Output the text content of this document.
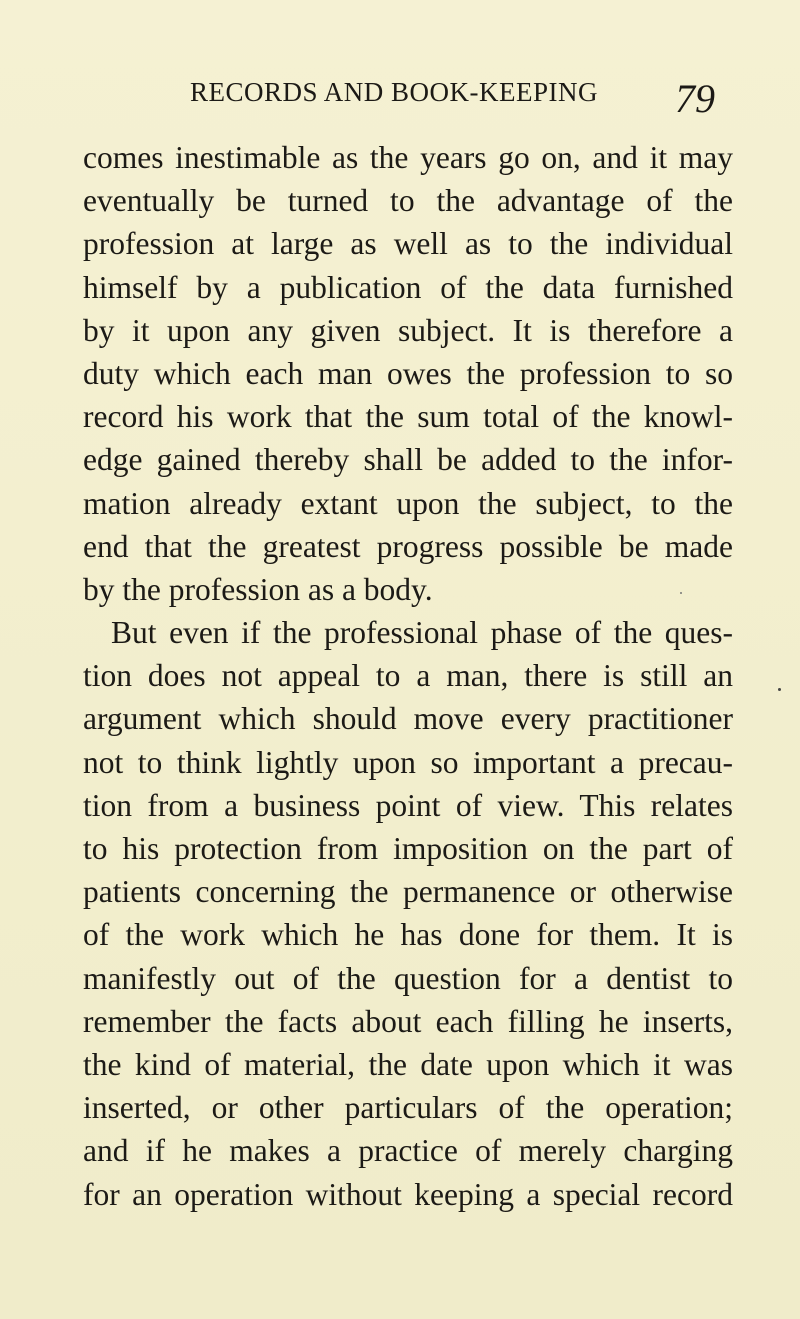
RECORDS AND BOOK-KEEPING 79
comes inestimable as the years go on, and it may
eventually be turned to the advantage of the
profession at large as well as to the individual
himself by a publication of the data furnished
by it upon any given subject. It is therefore a
duty which each man owes the profession to so
record his work that the sum total of the knowl-
edge gained thereby shall be added to the infor-
mation already extant upon the subject, to the
end that the greatest progress possible be made
by the profession as a body.
But even if the professional phase of the ques-
tion does not appeal to a man, there is still an
argument which should move every practitioner
not to think lightly upon so important a precau-
tion from a business point of view. This relates
to his protection from imposition on the part of
patients concerning the permanence or otherwise
of the work which he has done for them. It is
manifestly out of the question for a dentist to
remember the facts about each filling he inserts,
the kind of material, the date upon which it was
inserted, or other particulars of the operation;
and if he makes a practice of merely charging
for an operation without keeping a special record
